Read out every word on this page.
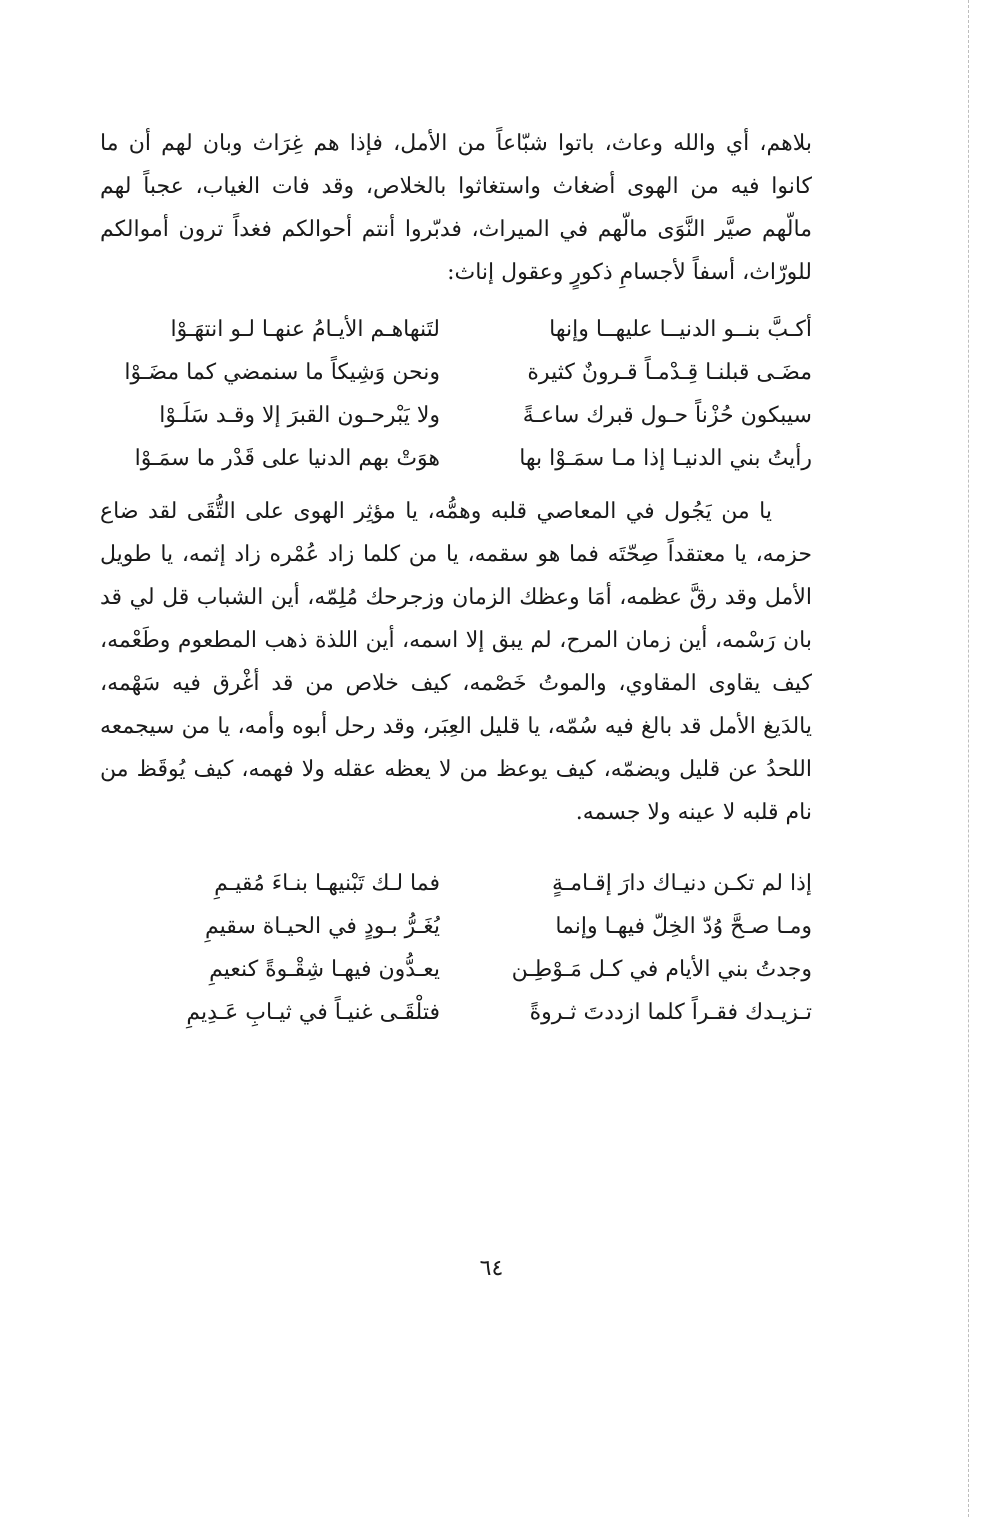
بلاهم، أي والله وعاث، باتوا شبّاعاً من الأمل، فإذا هم غِرَاث وبان لهم أن ما كانوا فيه من الهوى أضغاث واستغاثوا بالخلاص، وقد فات الغياب، عجباً لهم مالّهم صيَّر النَّوَى مالّهم في الميراث، فدبّروا أنتم أحوالكم فغداً ترون أموالكم للورّاث، أسفاً لأجسامِ ذكورٍ وعقول إناث:

أكـبَّ بنــو الدنيــا عليهــا وإنها
لتَنهاهـم الأيـامُ عنهـا لـو انتهَـوْا
مضَـى قبلنـا قِـدْمـاً قـرونٌ كثيرة
ونحن وَشِيكاً ما سنمضي كما مضَـوْا
سيبكون حُزْناً حـول قبرك ساعـةً
ولا يَبْرحـون القبرَ إلا وقـد سَلَـوْا
رأيتُ بني الدنيـا إذا مـا سمَـوْا بها
هوَتْ بهم الدنيا على قَدْر ما سمَـوْا

يا من يَجُول في المعاصي قلبه وهمُّه، يا مؤثِر الهوى على التُّقَى لقد ضاع حزمه، يا معتقداً صِحّتَه فما هو سقمه، يا من كلما زاد عُمْره زاد إثمه، يا طويل الأمل وقد رقَّ عظمه، أمَا وعظك الزمان وزجرحك مُلِمّه، أين الشباب قل لي قد بان رَسْمه، أين زمان المرح، لم يبق إلا اسمه، أين اللذة ذهب المطعوم وطَعْمه، كيف يقاوى المقاوي، والموتُ خَصْمه، كيف خلاص من قد أغْرق فيه سَهْمه، يالدَيغ الأمل قد بالغ فيه سُمّه، يا قليل العِبَر، وقد رحل أبوه وأمه، يا من سيجمعه اللحدُ عن قليل ويضمّه، كيف يوعظ من لا يعظه عقله ولا فهمه، كيف يُوقَظ من نام قلبه لا عينه ولا جسمه.

إذا لم تكـن دنيـاك دارَ إقـامـةٍ
فما لـك تَبْنيهـا بنـاءَ مُقيـمِ
ومـا صـحَّ وُدّ الخِلّ فيهـا وإنما
يُغَـرُّ بـودٍ في الحيـاة سقيمِ
وجدتُ بني الأيام في كـل مَـوْطِـن
يعـدُّون فيهـا شِقْـوةً كنعيمِ
تـزيـدك فقـراً كلما ازددتَ ثـروةً
فتلْقَـى غنيـاً في ثيـابِ عَـدِيمِ
٦٤
